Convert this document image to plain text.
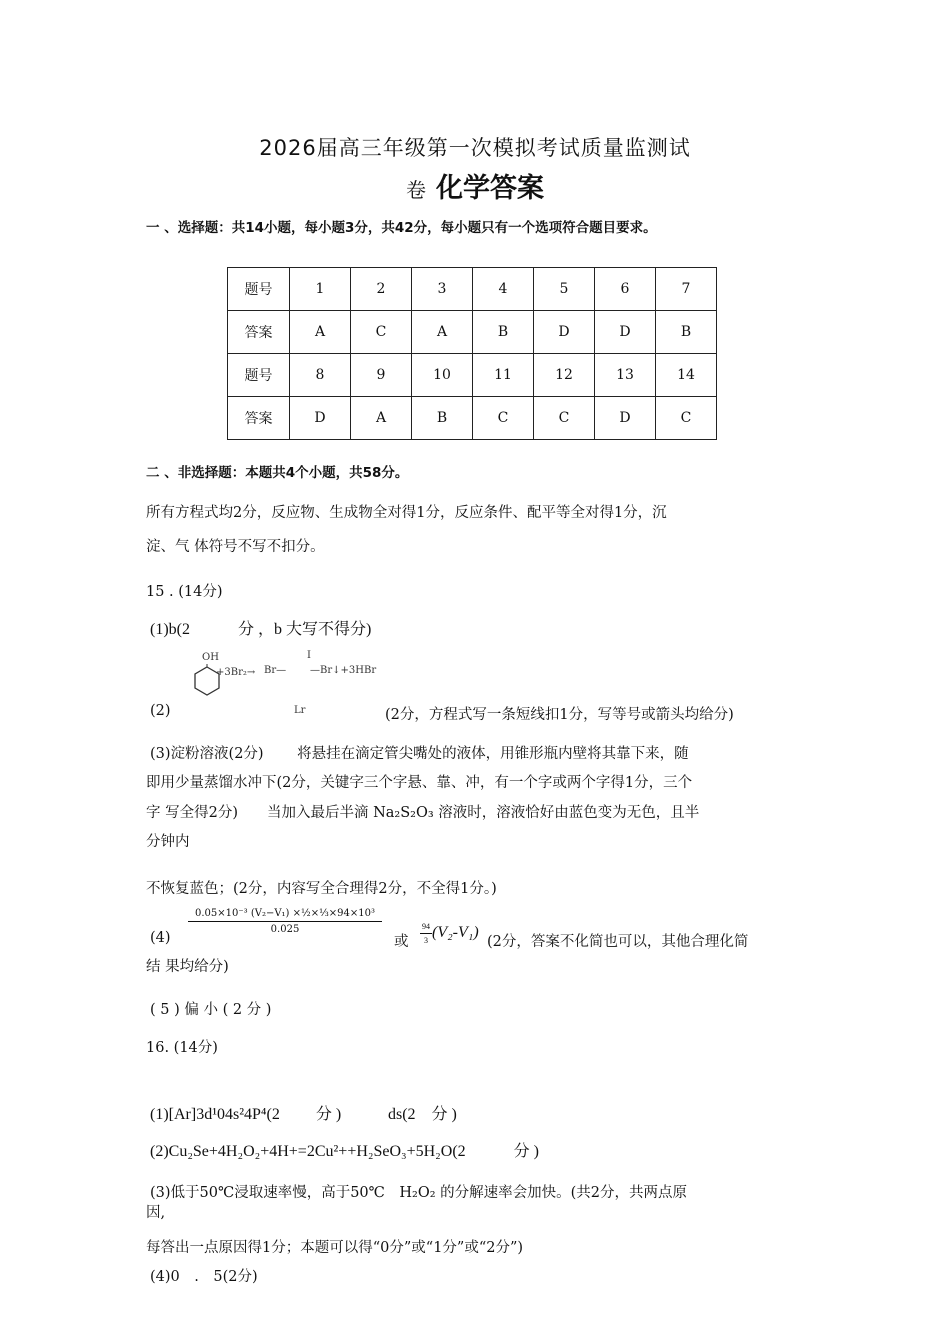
2026届高三年级第一次模拟考试质量监测试
卷 化学答案
一 、选择题：共14小题，每小题3分，共42分，每小题只有一个选项符合题目要求。
题号	1	2	3	4	5	6	7
答案	A	C	A	B	D	D	B
题号	8	9	10	11	12	13	14
答案	D	A	B	C	C	D	C
二 、非选择题：本题共4个小题，共58分。
所有方程式均2分，反应物、生成物全对得1分，反应条件、配平等全对得1分，沉
淀、气 体符号不写不扣分。
15 . (14分)
(1)b(2　　　分 ，b 大写不得分)
(2)
OH
+3Br₂→ Br—
I
—Br↓+3HBr
Lr	(2分，方程式写一条短线扣1分，写等号或箭头均给分)
(3)淀粉溶液(2分)　　 将悬挂在滴定管尖嘴处的液体，用锥形瓶内壁将其靠下来，随
即用少量蒸馏水冲下(2分，关键字三个字悬、靠、冲，有一个字或两个字得1分，三个
字 写全得2分)　　当加入最后半滴 Na₂S₂O₃ 溶液时，溶液恰好由蓝色变为无色，且半
分钟内
不恢复蓝色；(2分，内容写全合理得2分，不全得1分。)
(4)
$\frac{\text{0.05×10⁻³ (V₂−V₁) ×½×⅓×94×10³}}{0.025}$
或 $\frac{94}{3} (V_2-V_1)$
(2分，答案不化简也可以，其他合理化简
结 果均给分)
( 5 ) 偏 小 ( 2 分 )
16. (14分)
(1)[Ar]3d¹04s²4P⁴(2　　 分 )	ds(2　分 )
(2)Cu₂Se+4H₂O₂+4H+=2Cu²++H₂SeO₃+5H₂O(2　　　分 )
(3)低于50℃浸取速率慢，高于50℃　H₂O₂ 的分解速率会加快。(共2分，共两点原
因,
每答出一点原因得1分；本题可以得“0分”或“1分”或“2分”)
(4)0　.　5(2分)
